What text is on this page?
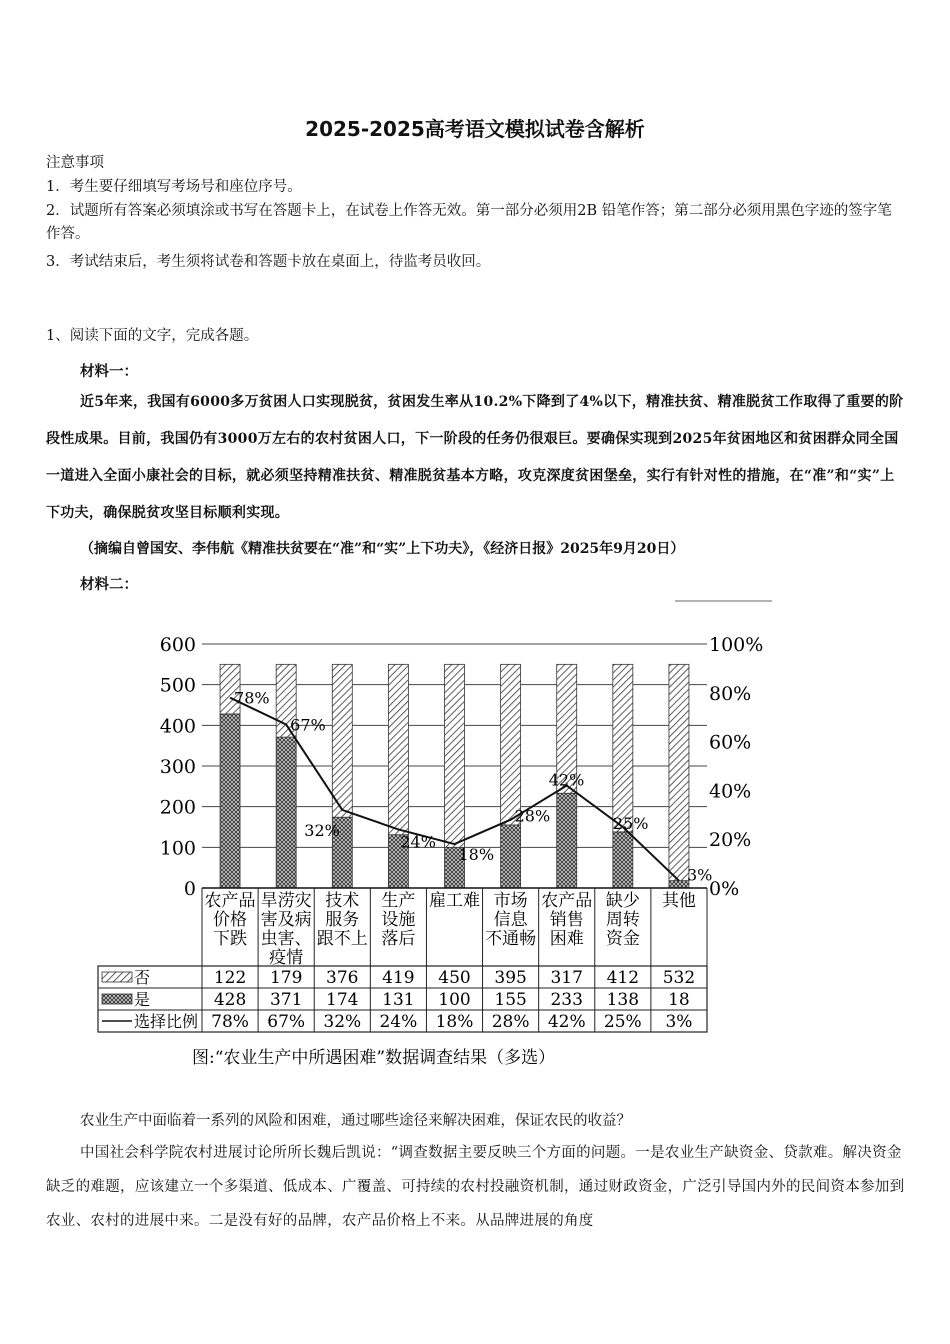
2025-2025高考语文模拟试卷含解析
注意事项
1．考生要仔细填写考场号和座位序号。
2．试题所有答案必须填涂或书写在答题卡上，在试卷上作答无效。第一部分必须用2B 铅笔作答；第二部分必须用黑色字迹的签字笔作答。
3．考试结束后，考生须将试卷和答题卡放在桌面上，待监考员收回。
1、阅读下面的文字，完成各题。
材料一：
近5年来，我国有6000多万贫困人口实现脱贫，贫困发生率从10.2%下降到了4%以下，精准扶贫、精准脱贫工作取得了重要的阶段性成果。目前，我国仍有3000万左右的农村贫困人口，下一阶段的任务仍很艰巨。要确保实现到2025年贫困地区和贫困群众同全国一道进入全面小康社会的目标，就必须坚持精准扶贫、精准脱贫基本方略，攻克深度贫困堡垒，实行有针对性的措施，在“准”和“实”上下功夫，确保脱贫攻坚目标顺利实现。
（摘编自曾国安、李伟航《精准扶贫要在“准”和“实”上下功夫》，《经济日报》2025年9月20日）
材料二：
78%
67%
32%
24%
18%
28%
42%
25%
3%
600
500
400
300
200
100
0
100%
80%
60%
40%
20%
0%
农产品
价格
下跌
旱涝灾
害及病
虫害、
疫情
技术
服务
跟不上
生产
设施
落后
雇工难 市场
信息
不通畅
农产品
销售
困难
缺少
周转
资金
其他
否	122 179 376 419 450 395 317 412 532
是	428 371 174 131 100 155 233 138 18
选择比例 78% 67% 32% 24% 18% 28% 42% 25% 3%
图:“农业生产中所遇困难”数据调查结果（多选）
农业生产中面临着一系列的风险和困难，通过哪些途径来解决困难，保证农民的收益？
中国社会科学院农村进展讨论所所长魏后凯说：“调查数据主要反映三个方面的问题。一是农业生产缺资金、贷款难。解决资金缺乏的难题，应该建立一个多渠道、低成本、广覆盖、可持续的农村投融资机制，通过财政资金，广泛引导国内外的民间资本参加到农业、农村的进展中来。二是没有好的品牌，农产品价格上不来。从品牌进展的角度
